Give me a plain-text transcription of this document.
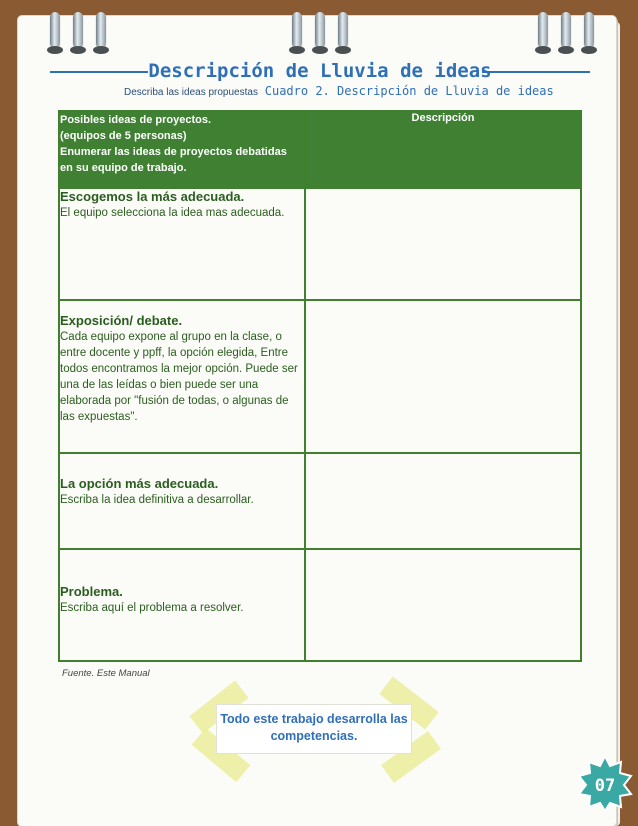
Descripción de Lluvia de ideas
Describa las ideas propuestas Cuadro 2. Descripción de Lluvia de ideas
Posibles ideas de proyectos.
(equipos de 5 personas)
Enumerar las ideas de proyectos debatidas
en su equipo de trabajo.	Descripción

Escogemos la más adecuada.
El equipo selecciona la idea mas adecuada.	

Exposición/ debate.
Cada equipo expone al grupo en la clase, o entre docente y ppff, la opción elegida, Entre todos encontramos la mejor opción. Puede ser una de las leídas o bien puede ser una elaborada por "fusión de todas, o algunas de las expuestas".	

La opción más adecuada.
Escriba la idea definitiva a desarrollar.	

Problema.
Escriba aquí el problema a resolver.	

Fuente. Este Manual
Todo este trabajo desarrolla las competencias.
07
